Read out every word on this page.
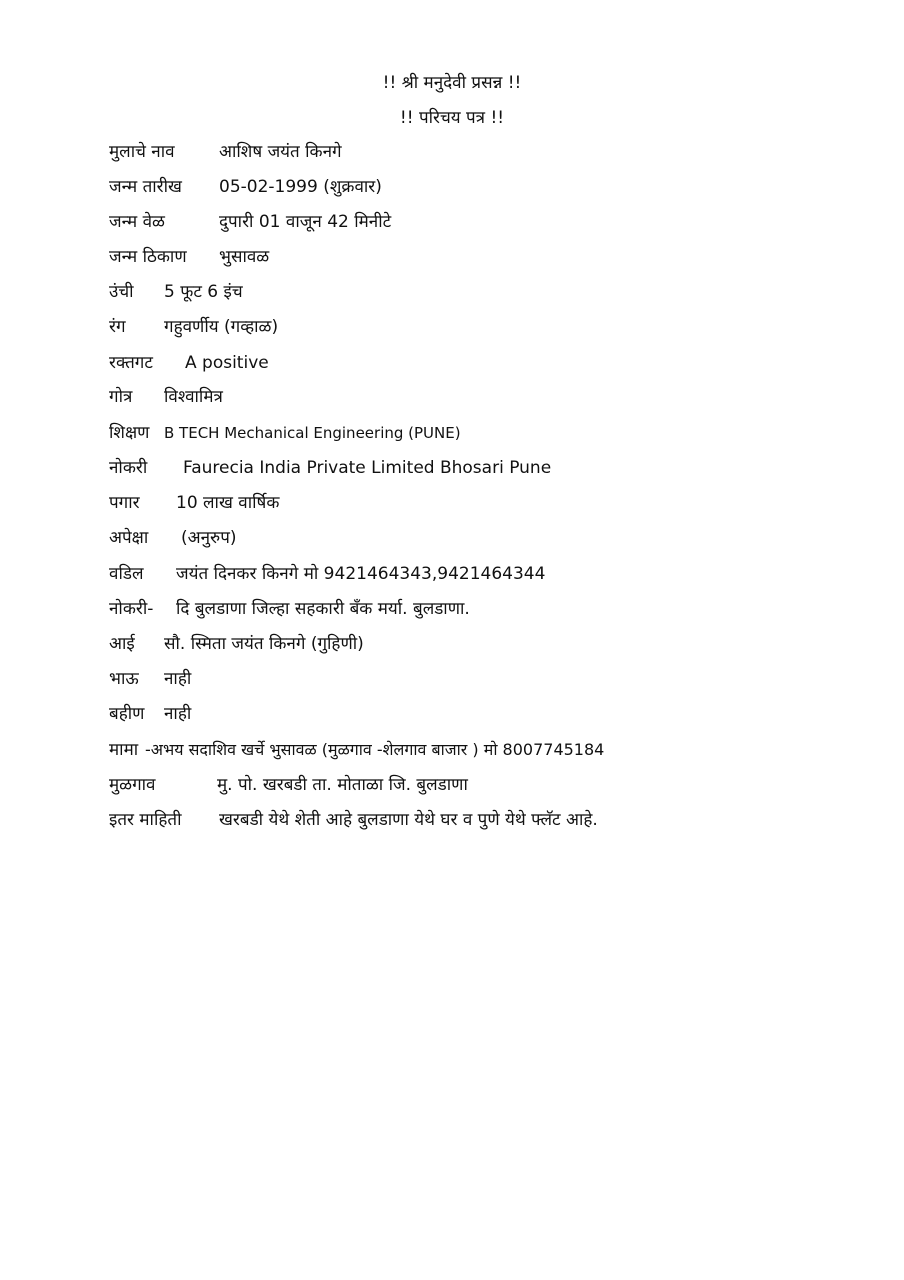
!! श्री मनुदेवी प्रसन्न !!
!! परिचय पत्र !!
मुलाचे नाव	आशिष जयंत किनगे
जन्म तारीख 05-02-1999 (शुक्रवार)
जन्म वेळ	दुपारी 01 वाजून 42 मिनीटे
जन्म ठिकाण भुसावळ
उंची 5 फूट 6 इंच
रंग गहुवर्णीय (गव्हाळ)
रक्तगट A positive
गोत्र विश्वामित्र
शिक्षण B TECH Mechanical Engineering (PUNE)
नोकरी Faurecia India Private Limited Bhosari Pune
पगार 10 लाख वार्षिक
अपेक्षा (अनुरुप)
वडिल जयंत दिनकर किनगे मो 9421464343,9421464344
नोकरी- दि बुलडाणा जिल्हा सहकारी बँक मर्या. बुलडाणा.
आई सौ. स्मिता जयंत किनगे (गुहिणी)
भाऊ नाही
बहीण नाही
मामा -अभय सदाशिव खर्चे भुसावळ (मुळगाव -शेलगाव बाजार ) मो 8007745184
मुळगाव	मु. पो. खरबडी ता. मोताळा जि. बुलडाणा
इतर माहिती खरबडी येथे शेती आहे बुलडाणा येथे घर व पुणे येथे फ्लॅट आहे.
